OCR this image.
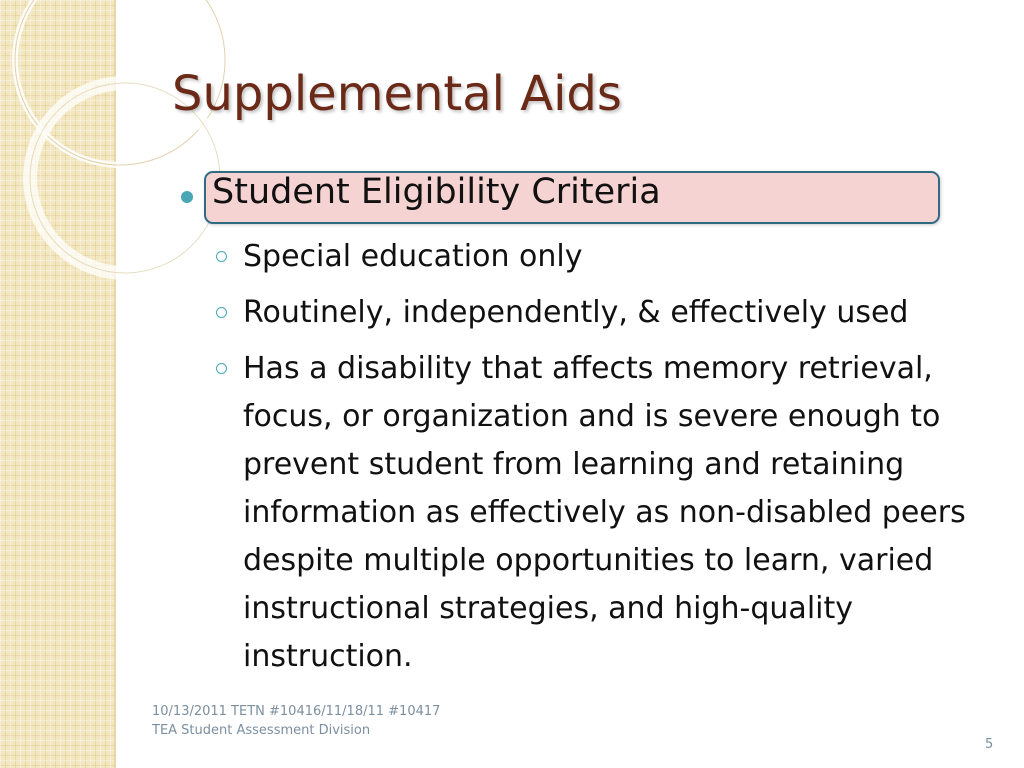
Supplemental Aids
Student Eligibility Criteria
Special education only
Routinely, independently, & effectively used
Has a disability that affects memory retrieval, focus, or organization and is severe enough to prevent student from learning and retaining information as effectively as non-disabled peers despite multiple opportunities to learn, varied instructional strategies, and high-quality instruction.
10/13/2011 TETN #10416/11/18/11 #10417
TEA Student Assessment Division
5
